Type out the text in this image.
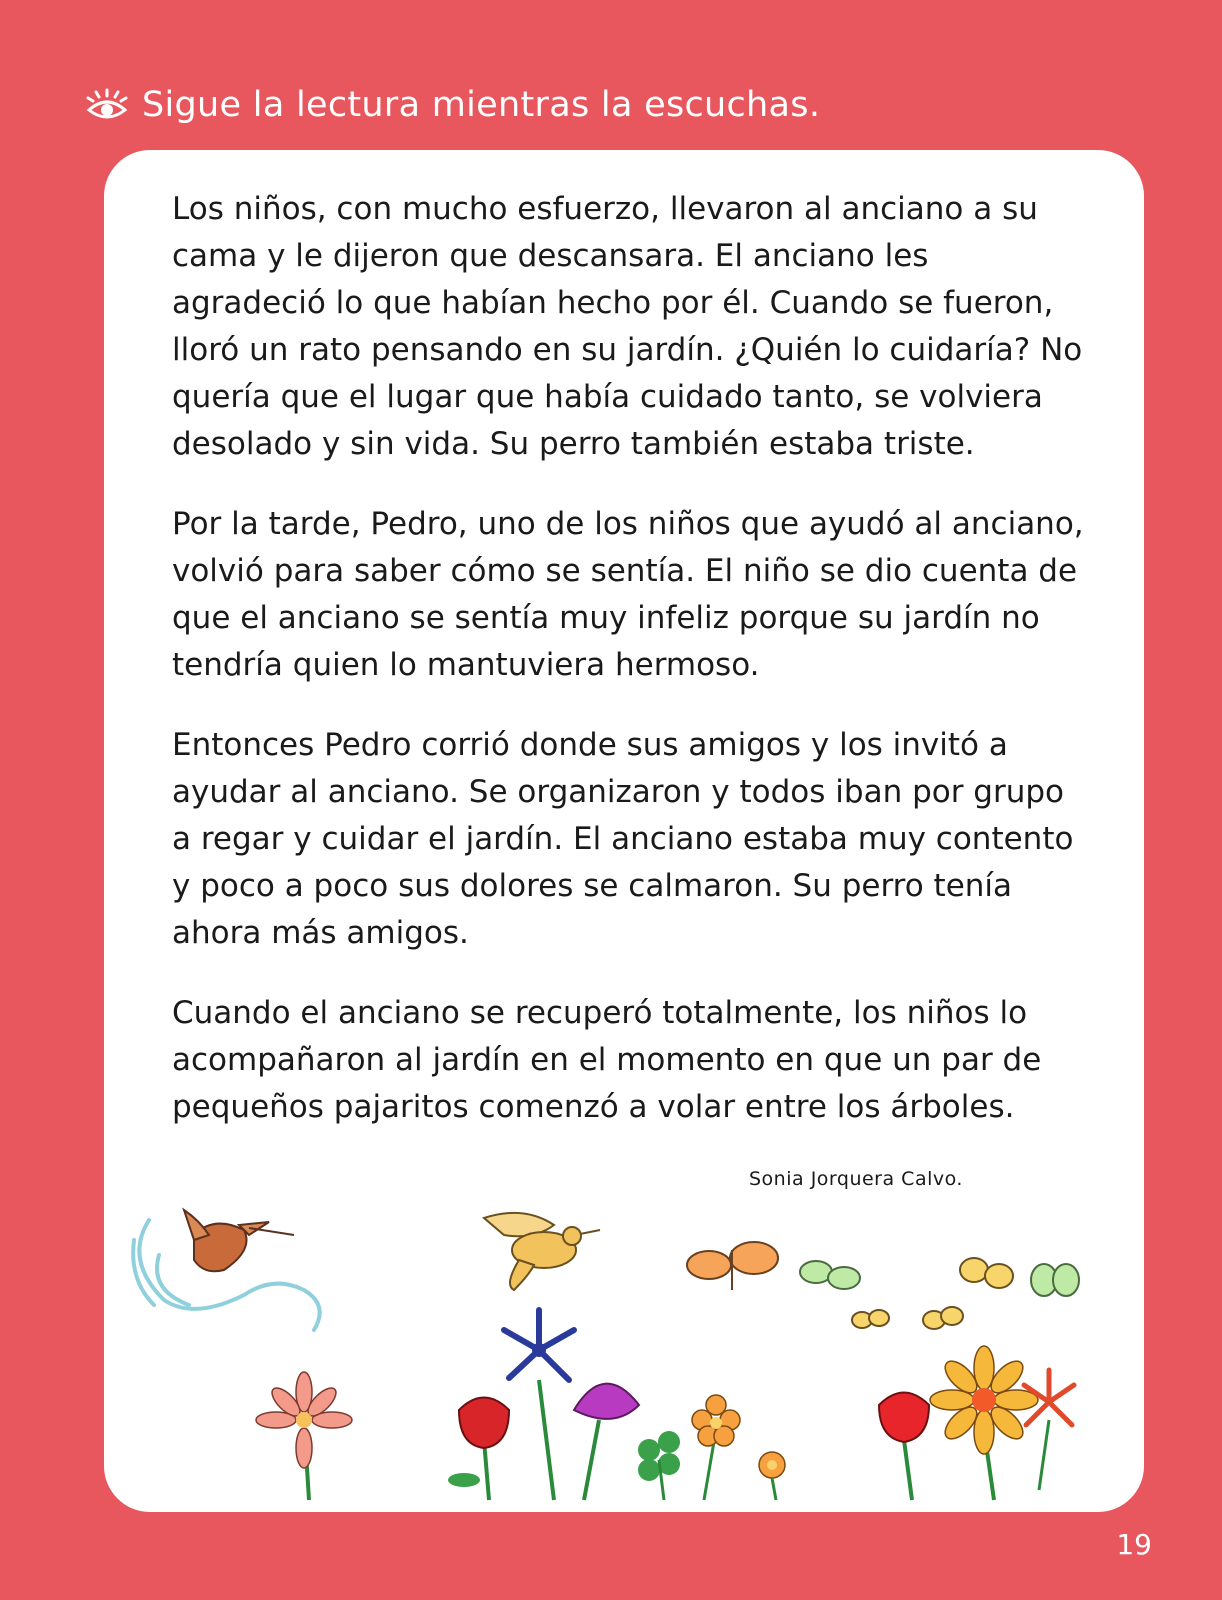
Sigue la lectura mientras la escuchas.

Los niños, con mucho esfuerzo, llevaron al anciano a su cama y le dijeron que descansara. El anciano les agradeció lo que habían hecho por él. Cuando se fueron, lloró un rato pensando en su jardín. ¿Quién lo cuidaría? No quería que el lugar que había cuidado tanto, se volviera desolado y sin vida. Su perro también estaba triste.

Por la tarde, Pedro, uno de los niños que ayudó al anciano, volvió para saber cómo se sentía. El niño se dio cuenta de que el anciano se sentía muy infeliz porque su jardín no tendría quien lo mantuviera hermoso.

Entonces Pedro corrió donde sus amigos y los invitó a ayudar al anciano. Se organizaron y todos iban por grupo a regar y cuidar el jardín. El anciano estaba muy contento y poco a poco sus dolores se calmaron. Su perro tenía ahora más amigos.

Cuando el anciano se recuperó totalmente, los niños lo acompañaron al jardín en el momento en que un par de pequeños pajaritos comenzó a volar entre los árboles.

Sonia Jorquera Calvo.
19
